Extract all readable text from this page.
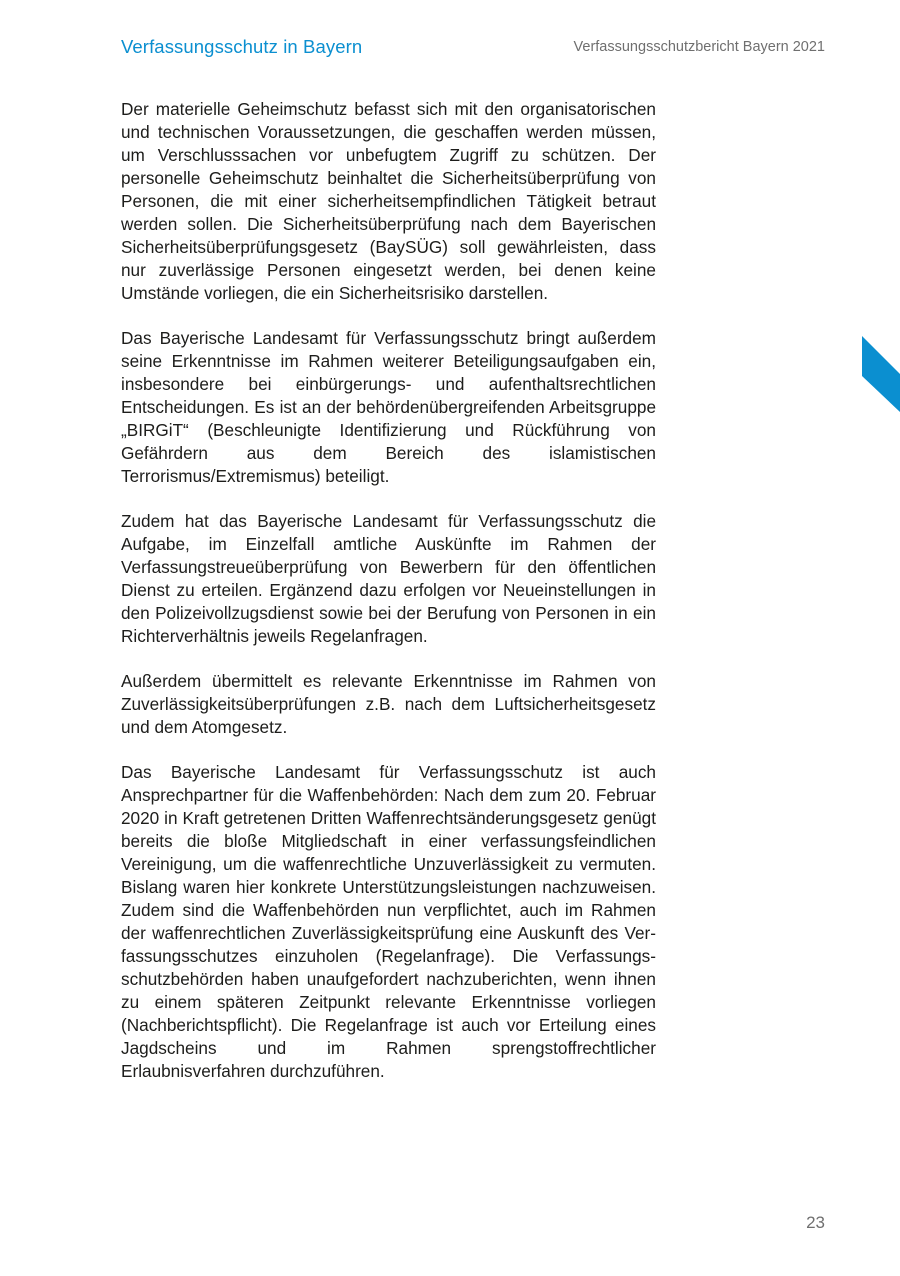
Verfassungsschutz in Bayern	Verfassungsschutzbericht Bayern 2021

Der materielle Geheimschutz befasst sich mit den organisatorischen und technischen Voraussetzungen, die geschaffen werden müssen, um Verschlusssachen vor unbefugtem Zugriff zu schützen. Der personelle Geheimschutz beinhaltet die Sicherheitsüberprüfung von Personen, die mit einer sicherheitsempfindlichen Tätigkeit betraut werden sollen. Die Sicherheitsüberprüfung nach dem Bayerischen Sicherheitsüberprüfungsgesetz (BaySÜG) soll gewährleisten, dass nur zuverlässige Personen eingesetzt werden, bei denen keine Umstände vorliegen, die ein Sicherheitsrisiko darstellen.

Das Bayerische Landesamt für Verfassungsschutz bringt außerdem seine Erkenntnisse im Rahmen weiterer Beteiligungsaufgaben ein, insbesondere bei einbürgerungs- und aufenthaltsrechtlichen Entscheidungen. Es ist an der behördenübergreifenden Arbeitsgruppe „BIRGiT“ (Beschleunigte Identifizierung und Rückführung von Gefährdern aus dem Bereich des islamistischen Terrorismus/Extremismus) beteiligt.

Zudem hat das Bayerische Landesamt für Verfassungsschutz die Aufgabe, im Einzelfall amtliche Auskünfte im Rahmen der Verfassungstreueüberprüfung von Bewerbern für den öffentlichen Dienst zu erteilen. Ergänzend dazu erfolgen vor Neueinstellungen in den Polizeivollzugsdienst sowie bei der Berufung von Personen in ein Richterverhältnis jeweils Regelanfragen.

Außerdem übermittelt es relevante Erkenntnisse im Rahmen von Zuverlässigkeitsüberprüfungen z.B. nach dem Luftsicherheitsgesetz und dem Atomgesetz.

Das Bayerische Landesamt für Verfassungsschutz ist auch Ansprechpartner für die Waffenbehörden: Nach dem zum 20. Februar 2020 in Kraft getretenen Dritten Waffenrechtsänderungsgesetz genügt bereits die bloße Mitgliedschaft in einer verfassungsfeindlichen Vereinigung, um die waffenrechtliche Unzuverlässigkeit zu vermuten. Bislang waren hier konkrete Unterstützungsleistungen nachzuweisen. Zudem sind die Waffenbehörden nun verpflichtet, auch im Rahmen der waffenrechtlichen Zuverlässigkeitsprüfung eine Auskunft des Verfassungsschutzes einzuholen (Regelanfrage). Die Verfassungsschutzbehörden haben unaufgefordert nachzuberichten, wenn ihnen zu einem späteren Zeitpunkt relevante Erkenntnisse vorliegen (Nachberichtspflicht). Die Regelanfrage ist auch vor Erteilung eines Jagdscheins und im Rahmen sprengstoffrechtlicher Erlaubnisverfahren durchzuführen.

23
